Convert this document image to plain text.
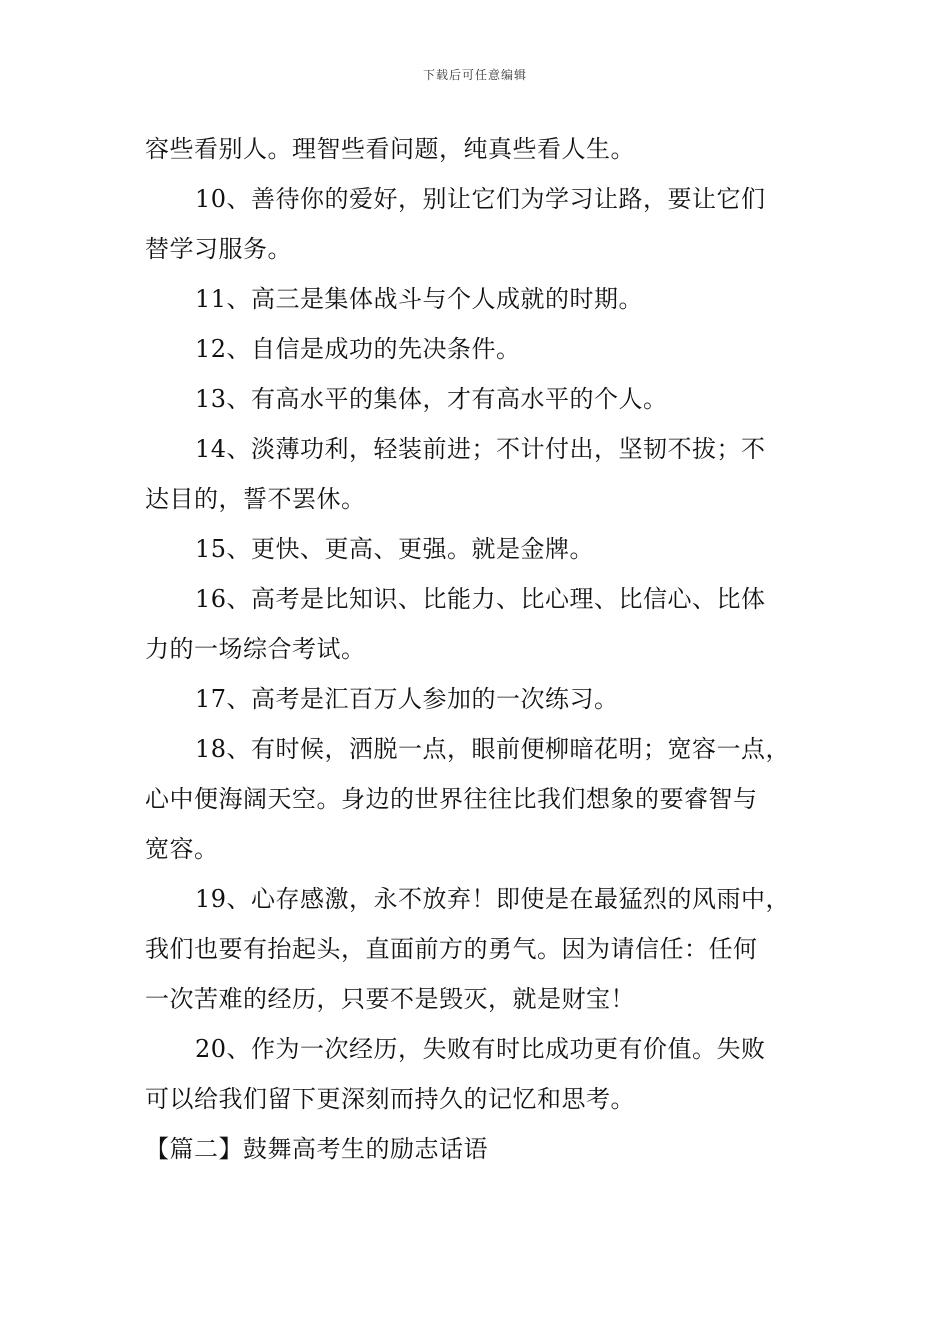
下载后可任意编辑
容些看别人。理智些看问题，纯真些看人生。
10、善待你的爱好，别让它们为学习让路，要让它们
替学习服务。
11、高三是集体战斗与个人成就的时期。
12、自信是成功的先决条件。
13、有高水平的集体，才有高水平的个人。
14、淡薄功利，轻装前进；不计付出，坚韧不拔；不
达目的，誓不罢休。
15、更快、更高、更强。就是金牌。
16、高考是比知识、比能力、比心理、比信心、比体
力的一场综合考试。
17、高考是汇百万人参加的一次练习。
18、有时候，洒脱一点，眼前便柳暗花明；宽容一点，
心中便海阔天空。身边的世界往往比我们想象的要睿智与
宽容。
19、心存感激，永不放弃！即使是在最猛烈的风雨中，
我们也要有抬起头，直面前方的勇气。因为请信任：任何
一次苦难的经历，只要不是毁灭，就是财宝！
20、作为一次经历，失败有时比成功更有价值。失败
可以给我们留下更深刻而持久的记忆和思考。
【篇二】鼓舞高考生的励志话语
